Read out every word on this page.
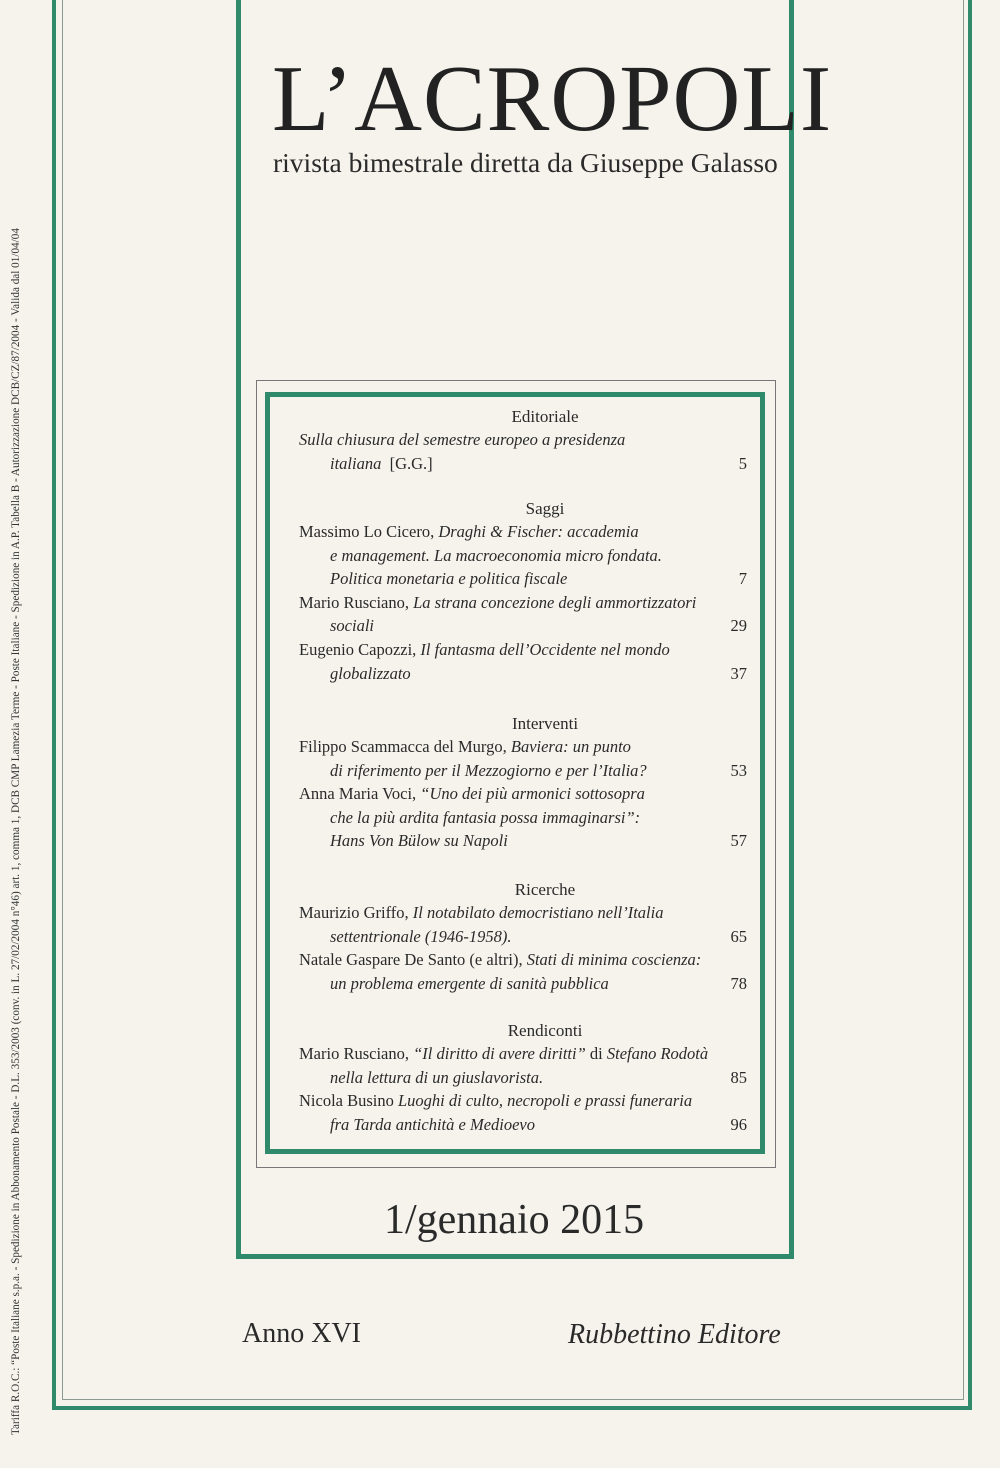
Tariffa R.O.C.: “Poste Italiane s.p.a. - Spedizione in Abbonamento Postale - D.L. 353/2003 (conv. in L. 27/02/2004 n°46) art. 1, comma 1, DCB CMP Lamezia Terme - Poste Italiane - Spedizione in A.P. Tabella B - Autorizzazione DCB/CZ/87/2004 - Valida dal 01/04/04
L’ACROPOLI
rivista bimestrale diretta da Giuseppe Galasso
Editoriale
Sulla chiusura del semestre europeo a presidenza
italiana  [G.G.]	5
Saggi
Massimo Lo Cicero, Draghi & Fischer: accademia
e management. La macroeconomia micro fondata.
Politica monetaria e politica fiscale	7
Mario Rusciano, La strana concezione degli ammortizzatori
sociali	29
Eugenio Capozzi, Il fantasma dell’Occidente nel mondo
globalizzato	37
Interventi
Filippo Scammacca del Murgo, Baviera: un punto
di riferimento per il Mezzogiorno e per l’Italia?	53
Anna Maria Voci, “Uno dei più armonici sottosopra
che la più ardita fantasia possa immaginarsi”:
Hans Von Bülow su Napoli	57
Ricerche
Maurizio Griffo, Il notabilato democristiano nell’Italia
settentrionale (1946-1958).	65
Natale Gaspare De Santo (e altri), Stati di minima coscienza:
un problema emergente di sanità pubblica	78
Rendiconti
Mario Rusciano, “Il diritto di avere diritti” di Stefano Rodotà
nella lettura di un giuslavorista.	85
Nicola Busino Luoghi di culto, necropoli e prassi funeraria
fra Tarda antichità e Medioevo	96
1/gennaio 2015
Anno XVI	Rubbettino Editore
